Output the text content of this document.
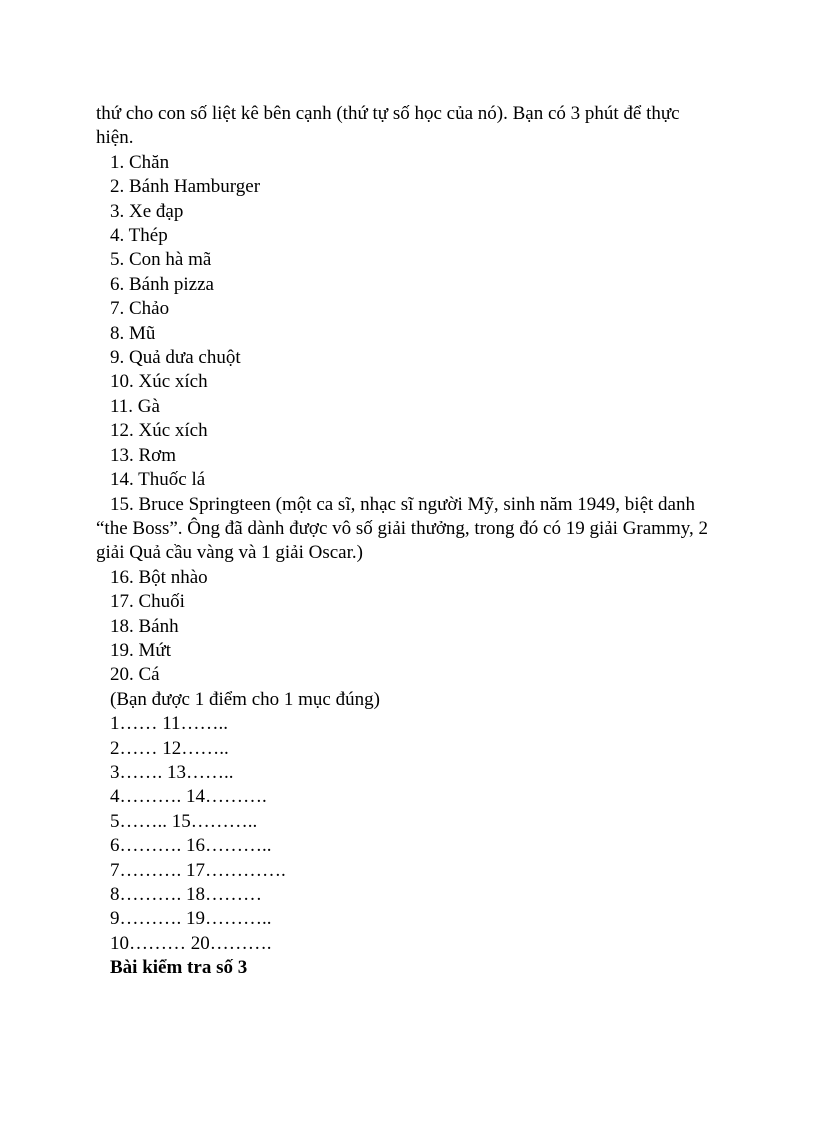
thứ cho con số liệt kê bên cạnh (thứ tự số học của nó). Bạn có 3 phút để thực hiện.

1. Chăn
2. Bánh Hamburger
3. Xe đạp
4. Thép
5. Con hà mã
6. Bánh pizza
7. Chảo
8. Mũ
9. Quả dưa chuột
10. Xúc xích
11. Gà
12. Xúc xích
13. Rơm
14. Thuốc lá
15. Bruce Springteen (một ca sĩ, nhạc sĩ người Mỹ, sinh năm 1949, biệt danh “the Boss”. Ông đã dành được vô số giải thưởng, trong đó có 19 giải Grammy, 2 giải Quả cầu vàng và 1 giải Oscar.)
16. Bột nhào
17. Chuối
18. Bánh
19. Mứt
20. Cá
(Bạn được 1 điểm cho 1 mục đúng)
1…… 11……..
2…… 12……..
3……. 13……..
4………. 14……….
5…….. 15………..
6………. 16………..
7………. 17………….
8………. 18………
9………. 19………..
10……… 20……….
Bài kiểm tra số 3
